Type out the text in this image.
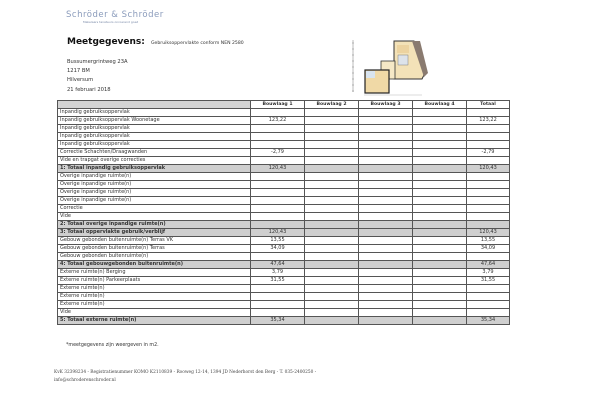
Schröder & Schröder
Makelaars taxateurs onroerend goed
Meetgegevens: Gebruiksoppervlakte conform NEN 2580
Bussumergrintweg 23A
1217 BM
Hilversum
21 februari 2018
	Bouwlaag 1	Bouwlaag 2	Bouwlaag 3	Bouwlaag 4	Totaal
Inpandig gebruiksoppervlak					
Inpandig gebruiksoppervlak Woonetage	123,22				123,22
Inpandig gebruiksoppervlak					
Inpandig gebruiksoppervlak					
Inpandig gebruiksoppervlak					
Correctie Schachten/Draagwanden	-2,79				-2,79
Vide en trapgat overige correcties					
1: Totaal inpandig gebruiksoppervlak	120,43				120,43
Overige inpandige ruimte(n)					
Overige inpandige ruimte(n)					
Overige inpandige ruimte(n)					
Overige inpandige ruimte(n)					
Correctie					
Vide					
2: Totaal overige inpandige ruimte(n)					
3: Totaal oppervlakte gebruik/verblijf	120,43				120,43
Gebouw gebonden buitenruimte(n) Terras VK	13,55				13,55
Gebouw gebonden buitenruimte(n) Terras	34,09				34,09
Gebouw gebonden buitenruimte(n)					
4: Totaal gebouwgebonden buitenruimte(n)	47,64				47,64
Externe ruimte(n) Berging	3,79				3,79
Externe ruimte(n) Parkeerplaats	31,55				31,55
Externe ruimte(n)					
Externe ruimte(n)					
Externe ruimte(n)					
Vide					
5: Totaal externe ruimte(n)	35,34				35,34
*meetgegevens zijn weergeven in m2.
KvK 32398234 - Registratienummer KOMO K2110839 - Rooweg 12-14, 1394 JD Nederhorst den Berg - T. 035-2400250 -
info@schroderenschroder.nl
